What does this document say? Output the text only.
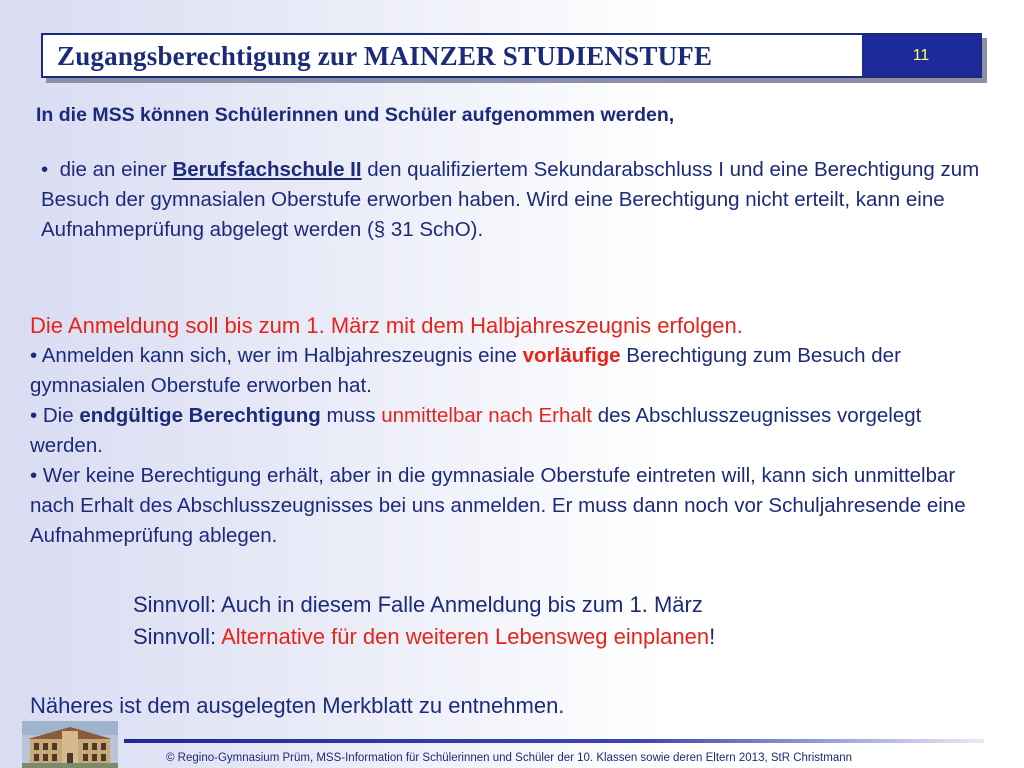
Zugangsberechtigung zur MAINZER STUDIENSTUFE	11
In die MSS können Schülerinnen und Schüler aufgenommen werden,
• die an einer Berufsfachschule II den qualifiziertem Sekundarabschluss I und eine Berechtigung zum Besuch der gymnasialen Oberstufe erworben haben. Wird eine Berechtigung nicht erteilt, kann eine Aufnahmeprüfung abgelegt werden (§ 31 SchO).
Die Anmeldung soll bis zum 1. März mit dem Halbjahreszeugnis erfolgen.
• Anmelden kann sich, wer im Halbjahreszeugnis eine vorläufige Berechtigung zum Besuch der gymnasialen Oberstufe erworben hat.
• Die endgültige Berechtigung muss unmittelbar nach Erhalt des Abschlusszeugnisses vorgelegt werden.
• Wer keine Berechtigung erhält, aber in die gymnasiale Oberstufe eintreten will, kann sich unmittelbar nach Erhalt des Abschlusszeugnisses bei uns anmelden. Er muss dann noch vor Schuljahresende eine Aufnahmeprüfung ablegen.
Sinnvoll: Auch in diesem Falle Anmeldung bis zum 1. März
Sinnvoll: Alternative für den weiteren Lebensweg einplanen!
Näheres ist dem ausgelegten Merkblatt zu entnehmen.
© Regino-Gymnasium Prüm, MSS-Information für Schülerinnen und Schüler der 10. Klassen sowie deren Eltern 2013, StR Christmann
